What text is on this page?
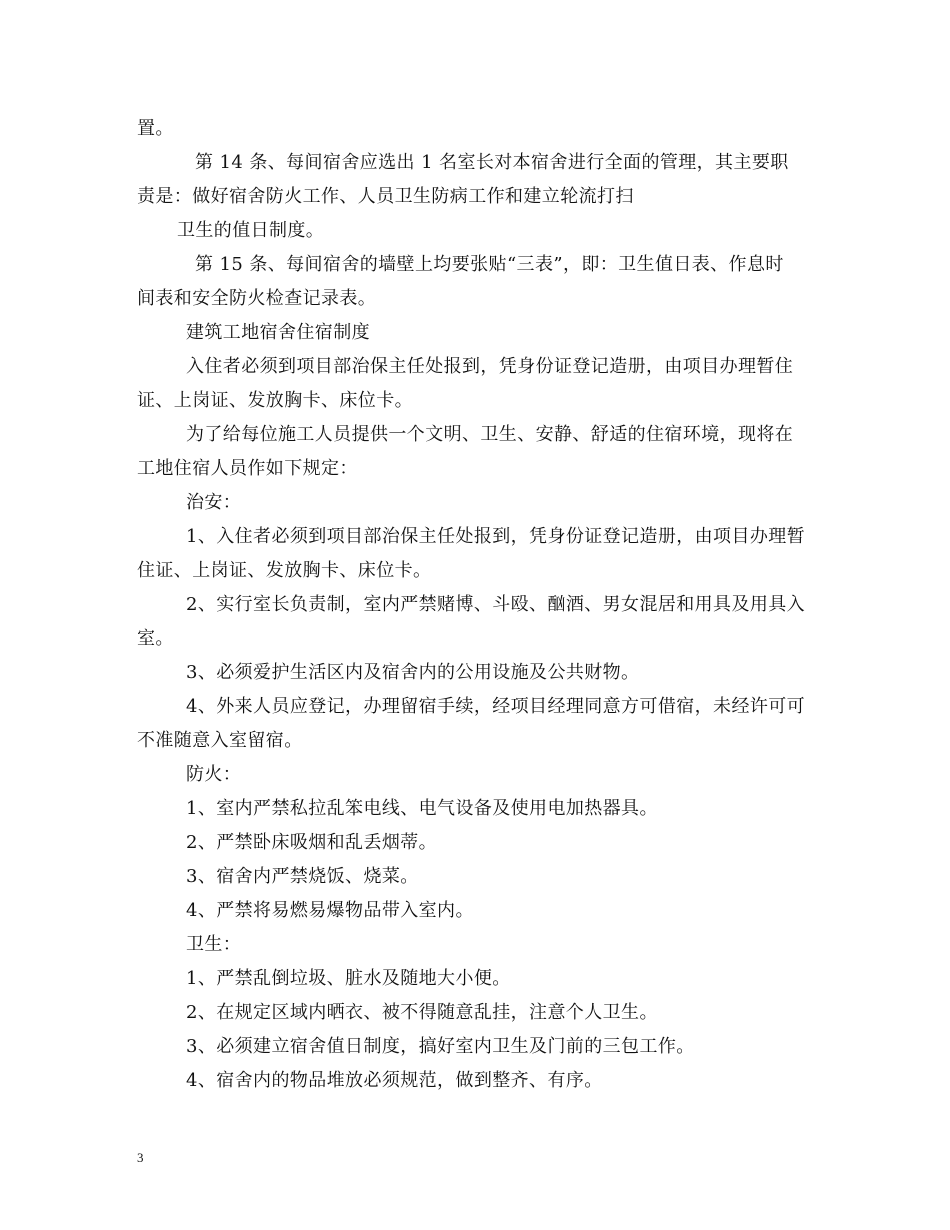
置。
第 14 条、每间宿舍应选出 1 名室长对本宿舍进行全面的管理，其主要职
责是：做好宿舍防火工作、人员卫生防病工作和建立轮流打扫
卫生的值日制度。
第 15 条、每间宿舍的墙壁上均要张贴“三表”，即：卫生值日表、作息时
间表和安全防火检查记录表。
建筑工地宿舍住宿制度
入住者必须到项目部治保主任处报到，凭身份证登记造册，由项目办理暂住
证、上岗证、发放胸卡、床位卡。
为了给每位施工人员提供一个文明、卫生、安静、舒适的住宿环境，现将在
工地住宿人员作如下规定：
治安：
1、入住者必须到项目部治保主任处报到，凭身份证登记造册，由项目办理暂
住证、上岗证、发放胸卡、床位卡。
2、实行室长负责制，室内严禁赌博、斗殴、酗酒、男女混居和用具及用具入
室。
3、必须爱护生活区内及宿舍内的公用设施及公共财物。
4、外来人员应登记，办理留宿手续，经项目经理同意方可借宿，未经许可可
不准随意入室留宿。
防火：
1、室内严禁私拉乱笨电线、电气设备及使用电加热器具。
2、严禁卧床吸烟和乱丢烟蒂。
3、宿舍内严禁烧饭、烧菜。
4、严禁将易燃易爆物品带入室内。
卫生：
1、严禁乱倒垃圾、脏水及随地大小便。
2、在规定区域内晒衣、被不得随意乱挂，注意个人卫生。
3、必须建立宿舍值日制度，搞好室内卫生及门前的三包工作。
4、宿舍内的物品堆放必须规范，做到整齐、有序。
3
